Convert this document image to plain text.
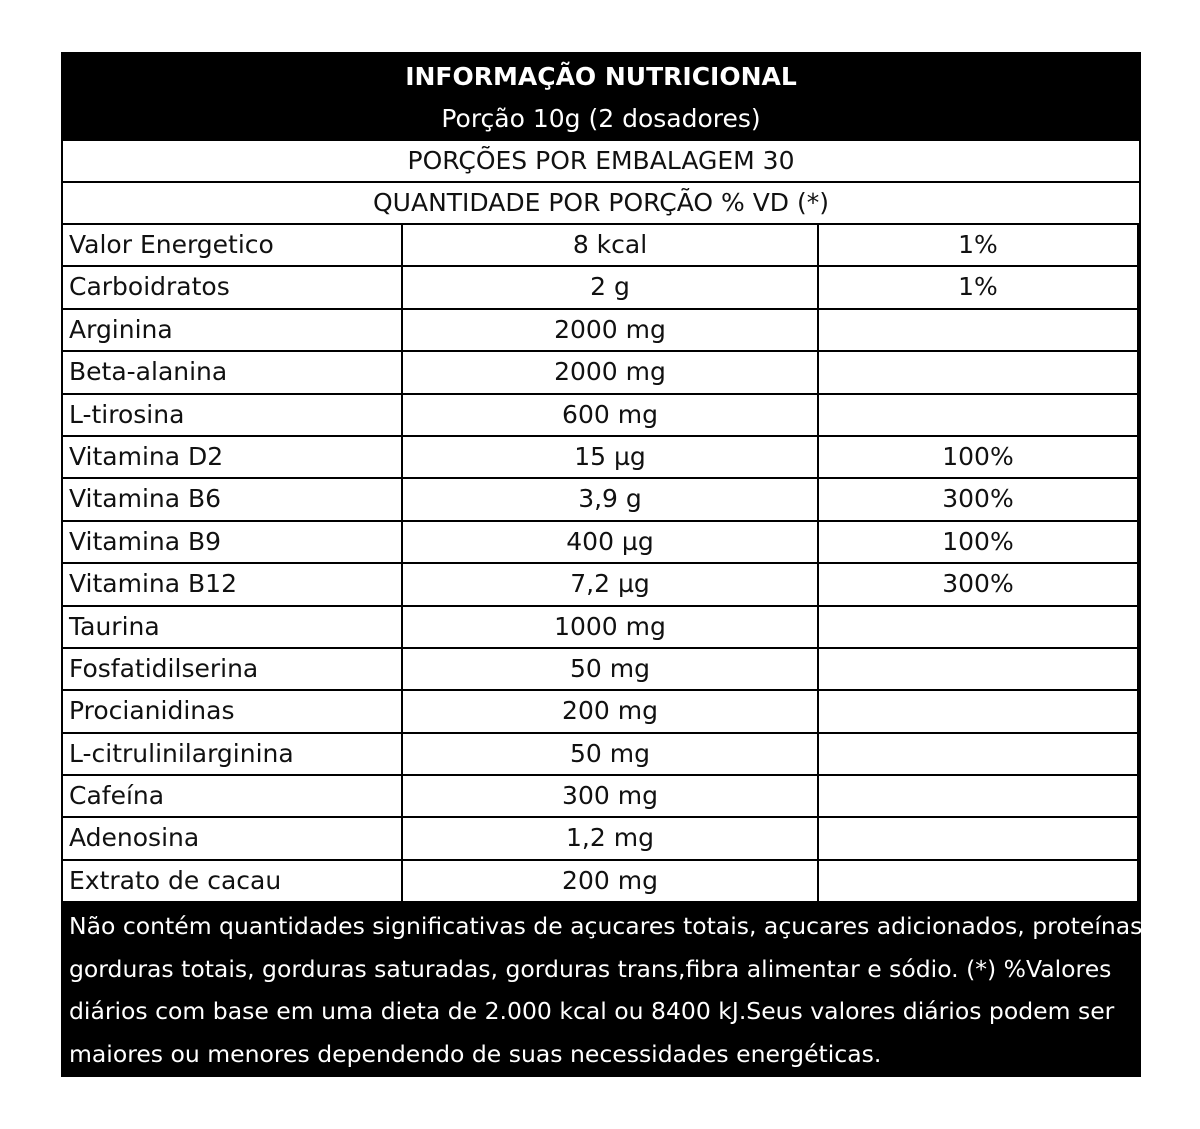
INFORMAÇÃO NUTRICIONAL
Porção 10g (2 dosadores)
PORÇÕES POR EMBALAGEM 30
QUANTIDADE POR PORÇÃO % VD (*)
Valor Energetico	8 kcal	1%
Carboidratos	2 g	1%
Arginina	2000 mg
Beta-alanina	2000 mg
L-tirosina	600 mg
Vitamina D2	15 µg	100%
Vitamina B6	3,9 g	300%
Vitamina B9	400 µg	100%
Vitamina B12	7,2 µg	300%
Taurina	1000 mg
Fosfatidilserina	50 mg
Procianidinas	200 mg
L-citrulinilarginina	50 mg
Cafeína	300 mg
Adenosina	1,2 mg
Extrato de cacau	200 mg

Não contém quantidades significativas de açucares totais, açucares adicionados, proteínas

gorduras totais, gorduras saturadas, gorduras trans,fibra alimentar e sódio. (*) %Valores

diários com base em uma dieta de 2.000 kcal ou 8400 kJ.Seus valores diários podem ser

maiores ou menores dependendo de suas necessidades energéticas.
